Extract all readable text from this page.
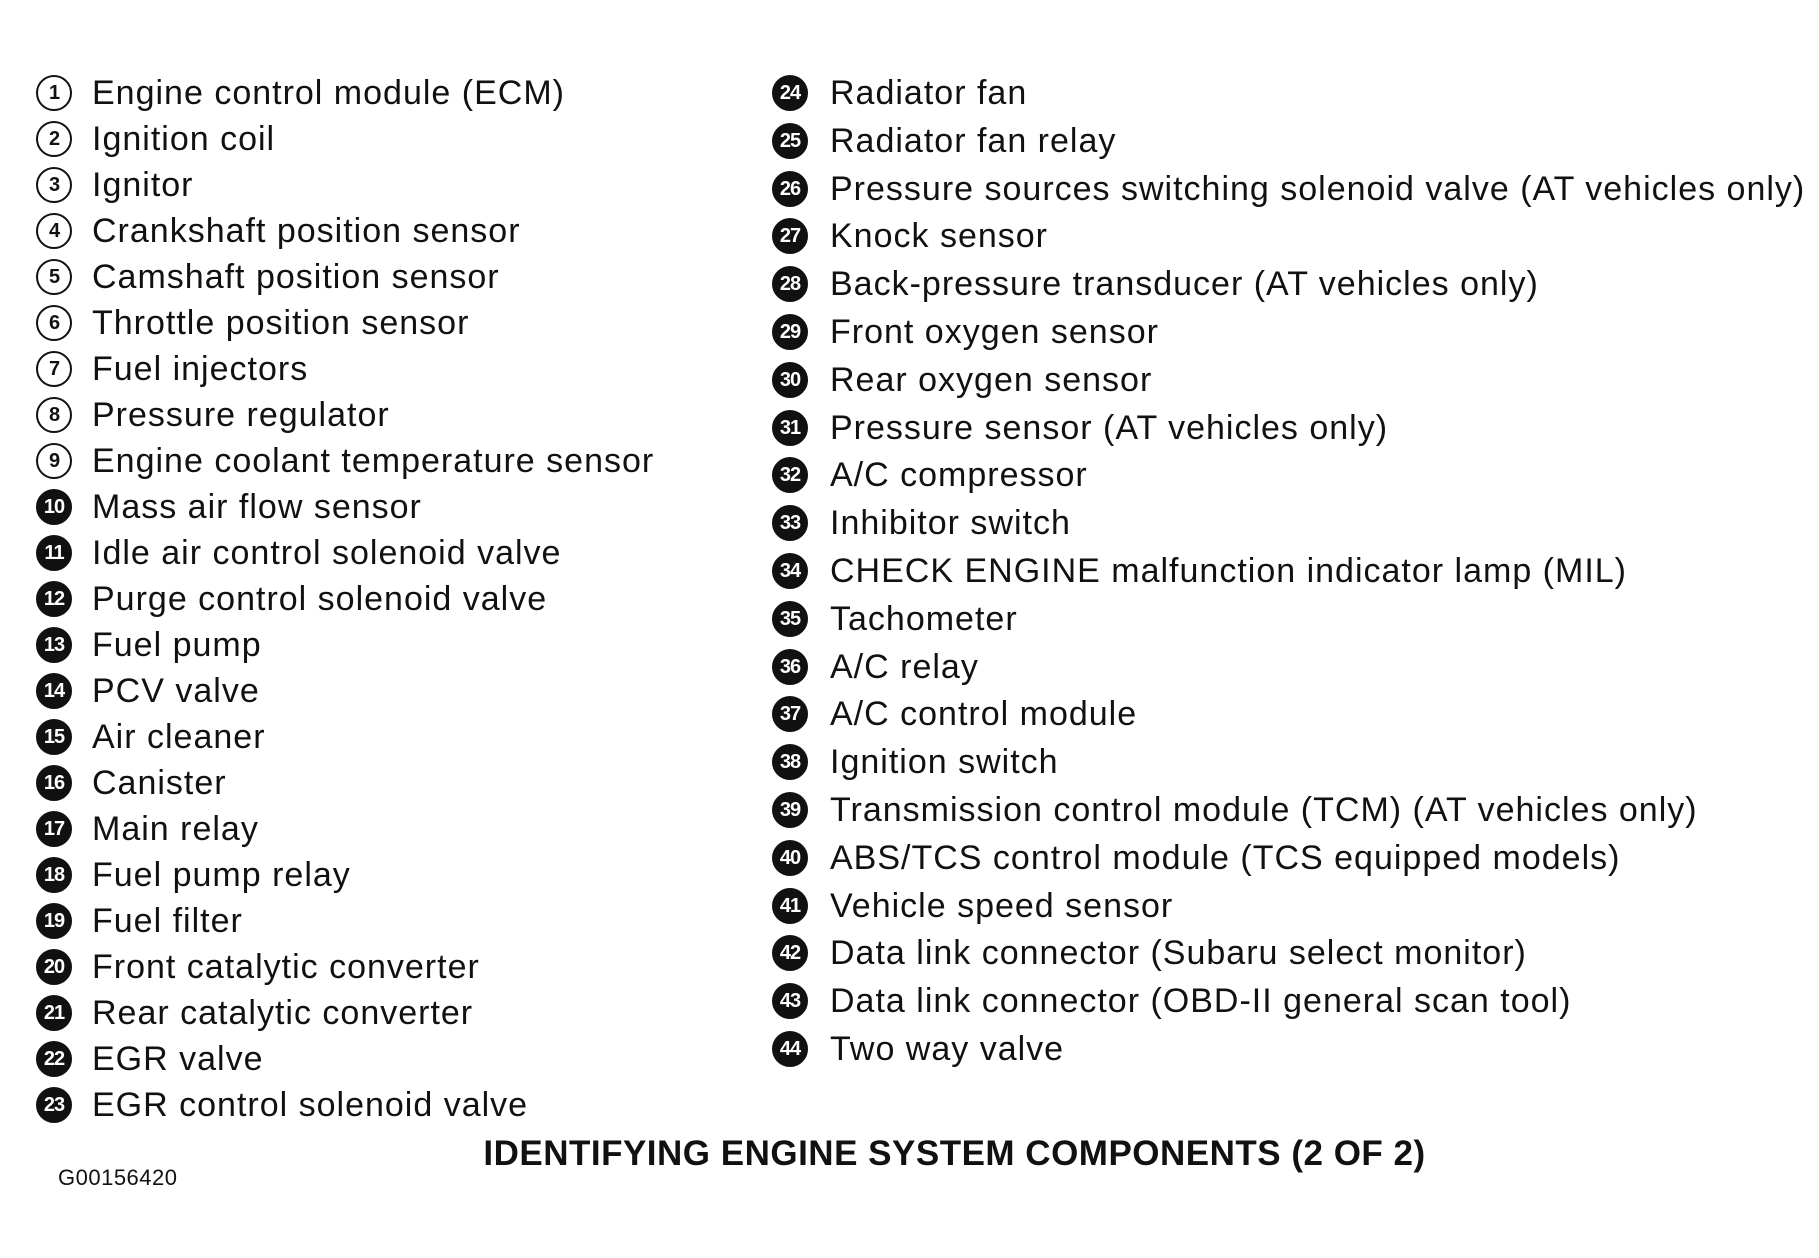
1 Engine control module (ECM)
2 Ignition coil
3 Ignitor
4 Crankshaft position sensor
5 Camshaft position sensor
6 Throttle position sensor
7 Fuel injectors
8 Pressure regulator
9 Engine coolant temperature sensor
10 Mass air flow sensor
11 Idle air control solenoid valve
12 Purge control solenoid valve
13 Fuel pump
14 PCV valve
15 Air cleaner
16 Canister
17 Main relay
18 Fuel pump relay
19 Fuel filter
20 Front catalytic converter
21 Rear catalytic converter
22 EGR valve
23 EGR control solenoid valve
24 Radiator fan
25 Radiator fan relay
26 Pressure sources switching solenoid valve (AT vehicles only)
27 Knock sensor
28 Back-pressure transducer (AT vehicles only)
29 Front oxygen sensor
30 Rear oxygen sensor
31 Pressure sensor (AT vehicles only)
32 A/C compressor
33 Inhibitor switch
34 CHECK ENGINE malfunction indicator lamp (MIL)
35 Tachometer
36 A/C relay
37 A/C control module
38 Ignition switch
39 Transmission control module (TCM) (AT vehicles only)
40 ABS/TCS control module (TCS equipped models)
41 Vehicle speed sensor
42 Data link connector (Subaru select monitor)
43 Data link connector (OBD-II general scan tool)
44 Two way valve
IDENTIFYING ENGINE SYSTEM COMPONENTS (2 OF 2)
G00156420
